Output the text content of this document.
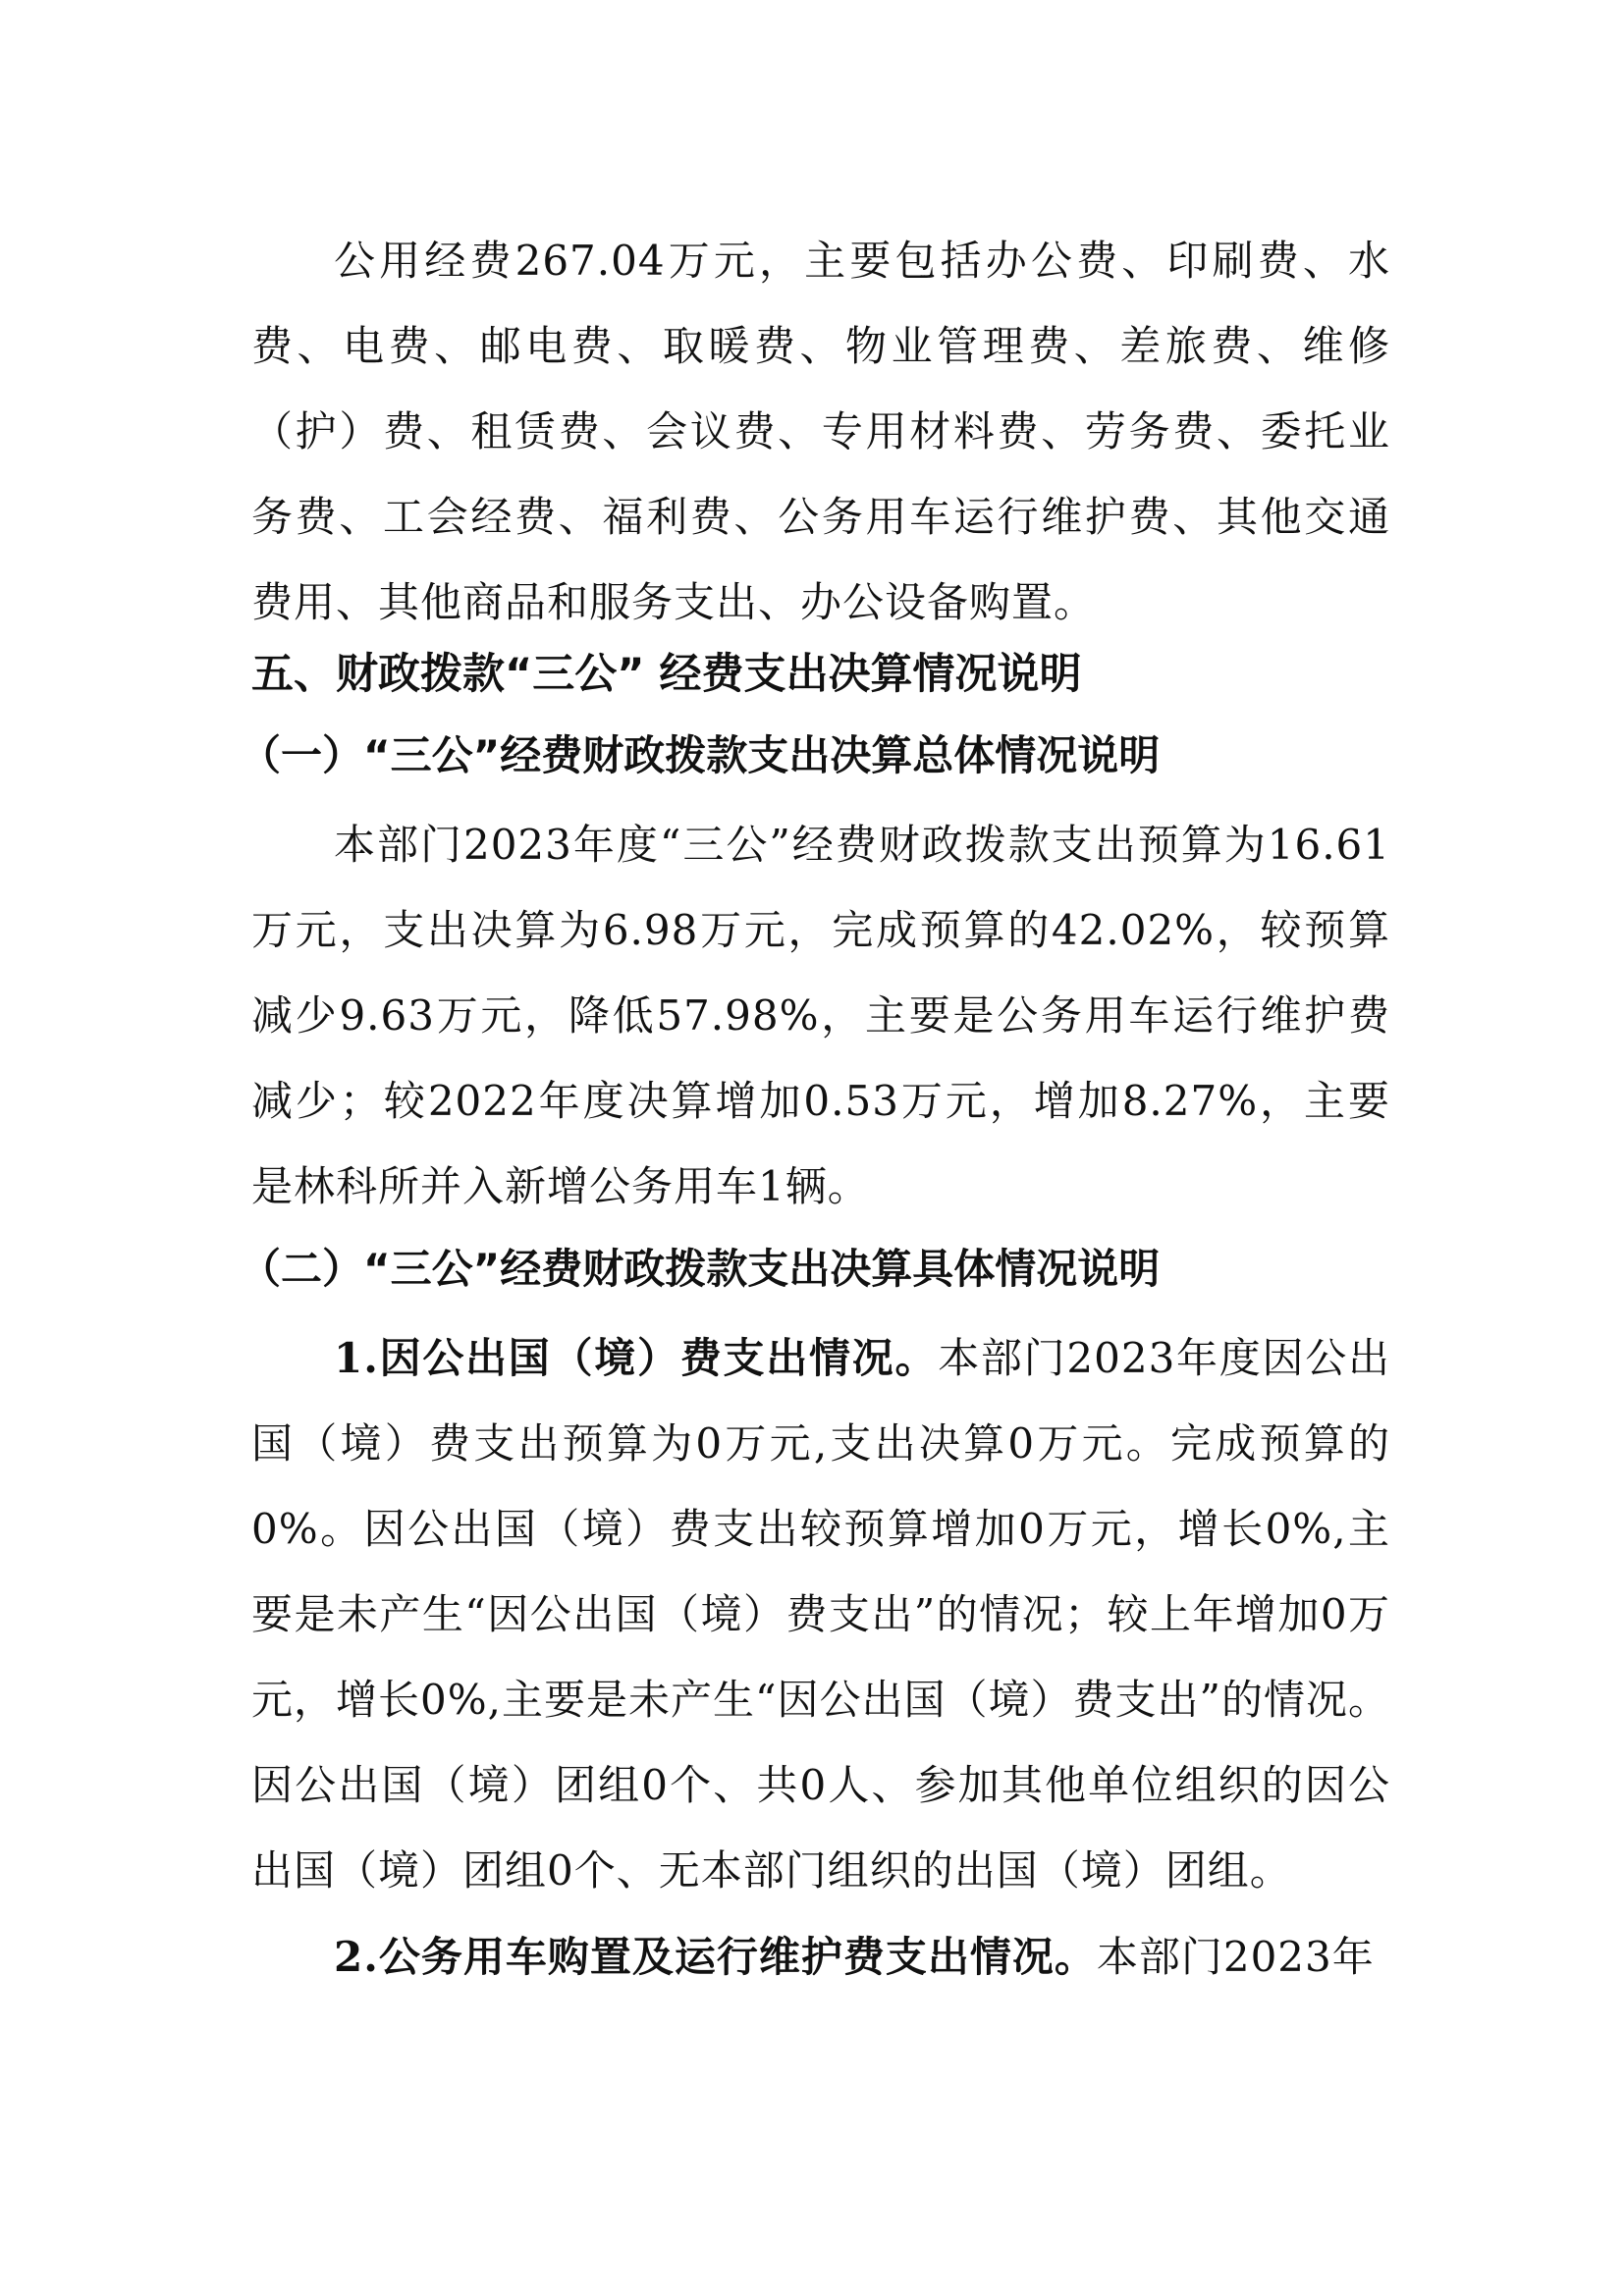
公用经费267.04万元，主要包括办公费、印刷费、水费、电费、邮电费、取暖费、物业管理费、差旅费、维修（护）费、租赁费、会议费、专用材料费、劳务费、委托业务费、工会经费、福利费、公务用车运行维护费、其他交通费用、其他商品和服务支出、办公设备购置。

五、财政拨款“三公” 经费支出决算情况说明
（一）“三公”经费财政拨款支出决算总体情况说明

本部门2023年度“三公”经费财政拨款支出预算为16.61万元，支出决算为6.98万元，完成预算的42.02%，较预算减少9.63万元，降低57.98%，主要是公务用车运行维护费减少；较2022年度决算增加0.53万元，增加8.27%，主要是林科所并入新增公务用车1辆。

（二）“三公”经费财政拨款支出决算具体情况说明

1.因公出国（境）费支出情况。本部门2023年度因公出国（境）费支出预算为0万元,支出决算0万元。完成预算的0%。因公出国（境）费支出较预算增加0万元，增长0%,主要是未产生“因公出国（境）费支出”的情况；较上年增加0万元，增长0%,主要是未产生“因公出国（境）费支出”的情况。因公出国（境）团组0个、共0人、参加其他单位组织的因公出国（境）团组0个、无本部门组织的出国（境）团组。

2.公务用车购置及运行维护费支出情况。本部门2023年
